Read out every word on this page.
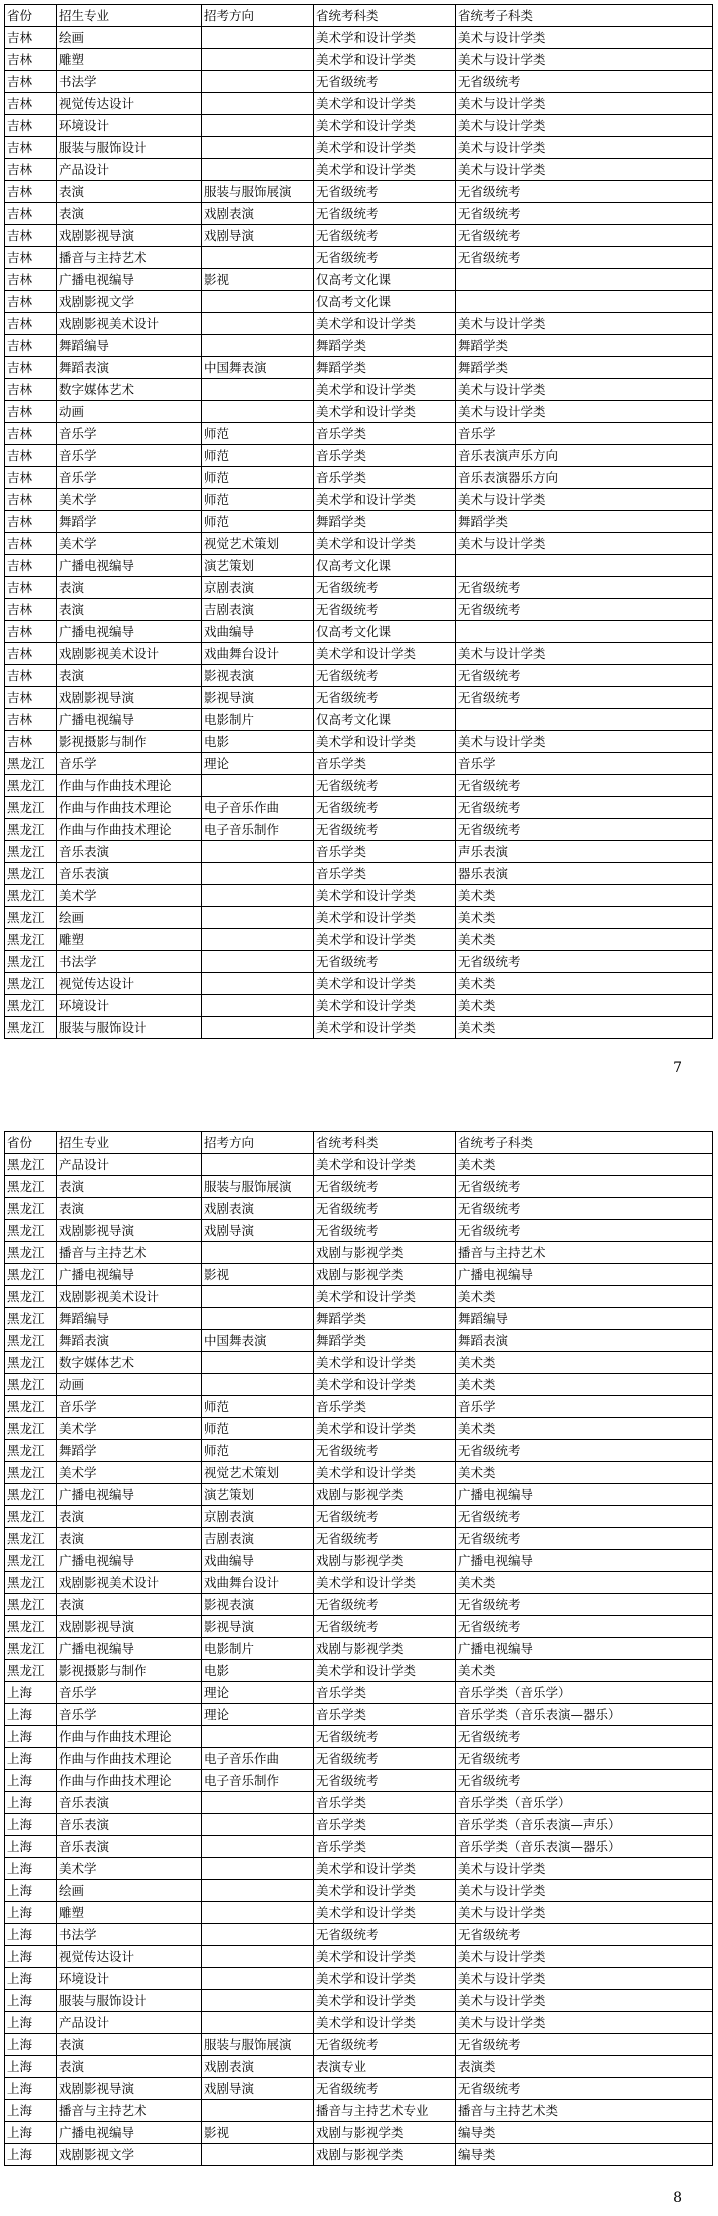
省份	招生专业	招考方向	省统考科类	省统考子科类
吉林	绘画		美术学和设计学类	美术与设计学类
吉林	雕塑		美术学和设计学类	美术与设计学类
吉林	书法学		无省级统考	无省级统考
吉林	视觉传达设计		美术学和设计学类	美术与设计学类
吉林	环境设计		美术学和设计学类	美术与设计学类
吉林	服装与服饰设计		美术学和设计学类	美术与设计学类
吉林	产品设计		美术学和设计学类	美术与设计学类
吉林	表演	服装与服饰展演	无省级统考	无省级统考
吉林	表演	戏剧表演	无省级统考	无省级统考
吉林	戏剧影视导演	戏剧导演	无省级统考	无省级统考
吉林	播音与主持艺术		无省级统考	无省级统考
吉林	广播电视编导	影视	仅高考文化课	
吉林	戏剧影视文学		仅高考文化课	
吉林	戏剧影视美术设计		美术学和设计学类	美术与设计学类
吉林	舞蹈编导		舞蹈学类	舞蹈学类
吉林	舞蹈表演	中国舞表演	舞蹈学类	舞蹈学类
吉林	数字媒体艺术		美术学和设计学类	美术与设计学类
吉林	动画		美术学和设计学类	美术与设计学类
吉林	音乐学	师范	音乐学类	音乐学
吉林	音乐学	师范	音乐学类	音乐表演声乐方向
吉林	音乐学	师范	音乐学类	音乐表演器乐方向
吉林	美术学	师范	美术学和设计学类	美术与设计学类
吉林	舞蹈学	师范	舞蹈学类	舞蹈学类
吉林	美术学	视觉艺术策划	美术学和设计学类	美术与设计学类
吉林	广播电视编导	演艺策划	仅高考文化课	
吉林	表演	京剧表演	无省级统考	无省级统考
吉林	表演	吉剧表演	无省级统考	无省级统考
吉林	广播电视编导	戏曲编导	仅高考文化课	
吉林	戏剧影视美术设计	戏曲舞台设计	美术学和设计学类	美术与设计学类
吉林	表演	影视表演	无省级统考	无省级统考
吉林	戏剧影视导演	影视导演	无省级统考	无省级统考
吉林	广播电视编导	电影制片	仅高考文化课	
吉林	影视摄影与制作	电影	美术学和设计学类	美术与设计学类
黑龙江	音乐学	理论	音乐学类	音乐学
黑龙江	作曲与作曲技术理论		无省级统考	无省级统考
黑龙江	作曲与作曲技术理论	电子音乐作曲	无省级统考	无省级统考
黑龙江	作曲与作曲技术理论	电子音乐制作	无省级统考	无省级统考
黑龙江	音乐表演		音乐学类	声乐表演
黑龙江	音乐表演		音乐学类	器乐表演
黑龙江	美术学		美术学和设计学类	美术类
黑龙江	绘画		美术学和设计学类	美术类
黑龙江	雕塑		美术学和设计学类	美术类
黑龙江	书法学		无省级统考	无省级统考
黑龙江	视觉传达设计		美术学和设计学类	美术类
黑龙江	环境设计		美术学和设计学类	美术类
黑龙江	服装与服饰设计		美术学和设计学类	美术类
7
省份	招生专业	招考方向	省统考科类	省统考子科类
黑龙江	产品设计		美术学和设计学类	美术类
黑龙江	表演	服装与服饰展演	无省级统考	无省级统考
黑龙江	表演	戏剧表演	无省级统考	无省级统考
黑龙江	戏剧影视导演	戏剧导演	无省级统考	无省级统考
黑龙江	播音与主持艺术		戏剧与影视学类	播音与主持艺术
黑龙江	广播电视编导	影视	戏剧与影视学类	广播电视编导
黑龙江	戏剧影视美术设计		美术学和设计学类	美术类
黑龙江	舞蹈编导		舞蹈学类	舞蹈编导
黑龙江	舞蹈表演	中国舞表演	舞蹈学类	舞蹈表演
黑龙江	数字媒体艺术		美术学和设计学类	美术类
黑龙江	动画		美术学和设计学类	美术类
黑龙江	音乐学	师范	音乐学类	音乐学
黑龙江	美术学	师范	美术学和设计学类	美术类
黑龙江	舞蹈学	师范	无省级统考	无省级统考
黑龙江	美术学	视觉艺术策划	美术学和设计学类	美术类
黑龙江	广播电视编导	演艺策划	戏剧与影视学类	广播电视编导
黑龙江	表演	京剧表演	无省级统考	无省级统考
黑龙江	表演	吉剧表演	无省级统考	无省级统考
黑龙江	广播电视编导	戏曲编导	戏剧与影视学类	广播电视编导
黑龙江	戏剧影视美术设计	戏曲舞台设计	美术学和设计学类	美术类
黑龙江	表演	影视表演	无省级统考	无省级统考
黑龙江	戏剧影视导演	影视导演	无省级统考	无省级统考
黑龙江	广播电视编导	电影制片	戏剧与影视学类	广播电视编导
黑龙江	影视摄影与制作	电影	美术学和设计学类	美术类
上海	音乐学	理论	音乐学类	音乐学类（音乐学）
上海	音乐学	理论	音乐学类	音乐学类（音乐表演—器乐）
上海	作曲与作曲技术理论		无省级统考	无省级统考
上海	作曲与作曲技术理论	电子音乐作曲	无省级统考	无省级统考
上海	作曲与作曲技术理论	电子音乐制作	无省级统考	无省级统考
上海	音乐表演		音乐学类	音乐学类（音乐学）
上海	音乐表演		音乐学类	音乐学类（音乐表演—声乐）
上海	音乐表演		音乐学类	音乐学类（音乐表演—器乐）
上海	美术学		美术学和设计学类	美术与设计学类
上海	绘画		美术学和设计学类	美术与设计学类
上海	雕塑		美术学和设计学类	美术与设计学类
上海	书法学		无省级统考	无省级统考
上海	视觉传达设计		美术学和设计学类	美术与设计学类
上海	环境设计		美术学和设计学类	美术与设计学类
上海	服装与服饰设计		美术学和设计学类	美术与设计学类
上海	产品设计		美术学和设计学类	美术与设计学类
上海	表演	服装与服饰展演	无省级统考	无省级统考
上海	表演	戏剧表演	表演专业	表演类
上海	戏剧影视导演	戏剧导演	无省级统考	无省级统考
上海	播音与主持艺术		播音与主持艺术专业	播音与主持艺术类
上海	广播电视编导	影视	戏剧与影视学类	编导类
上海	戏剧影视文学		戏剧与影视学类	编导类
8
